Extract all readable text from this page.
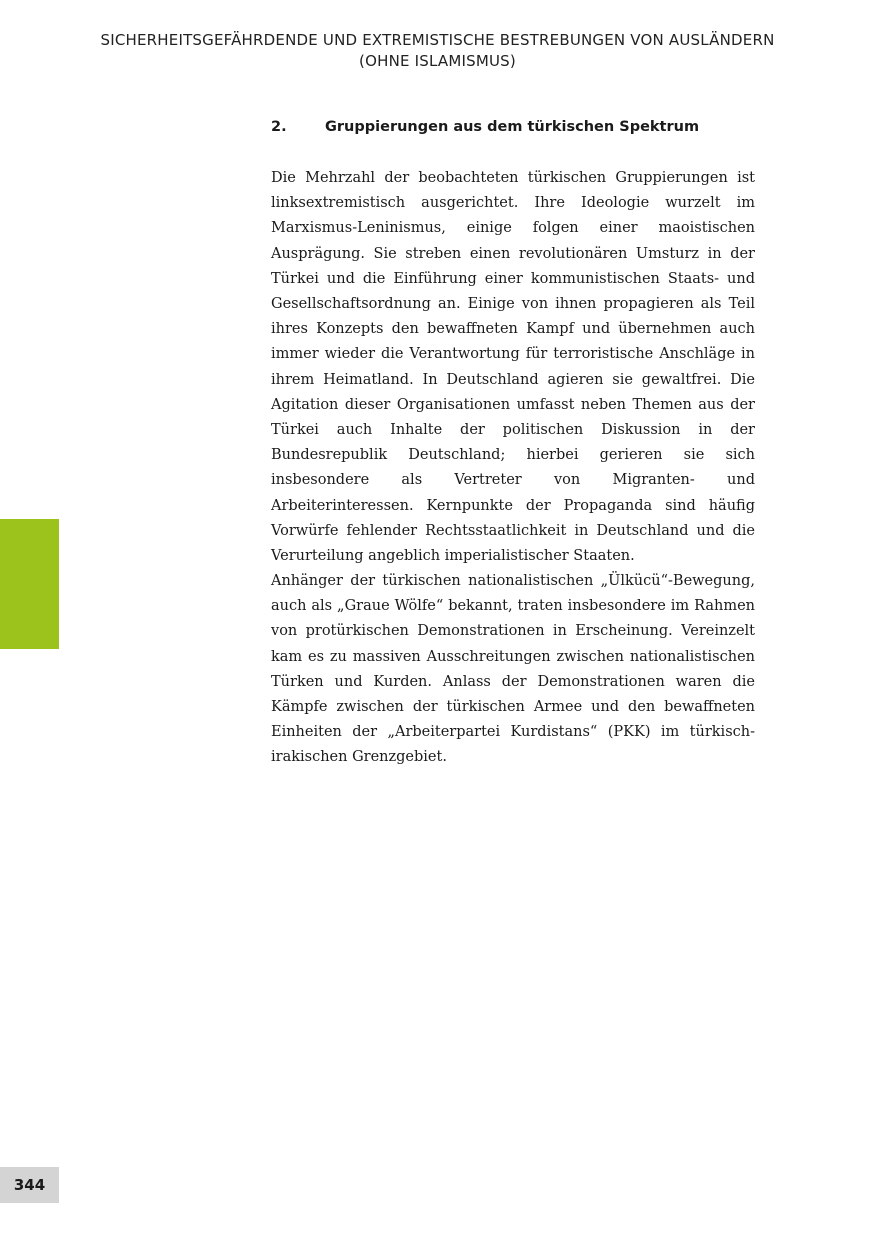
SICHERHEITSGEFÄHRDENDE UND EXTREMISTISCHE BESTREBUNGEN VON AUSLÄNDERN
(OHNE ISLAMISMUS)
2.	Gruppierungen aus dem türkischen Spektrum

Die Mehrzahl der beobachteten türkischen Gruppierungen ist linksextremistisch ausgerichtet. Ihre Ideologie wurzelt im Marxismus-Leninismus, einige folgen einer maoistischen Ausprägung. Sie streben einen revolutionären Umsturz in der Türkei und die Einführung einer kommunistischen Staats- und Gesellschaftsordnung an. Einige von ihnen propagieren als Teil ihres Konzepts den bewaffneten Kampf und übernehmen auch immer wieder die Verantwortung für terroristische Anschläge in ihrem Heimatland. In Deutschland agieren sie gewaltfrei. Die Agitation dieser Organisationen umfasst neben Themen aus der Türkei auch Inhalte der politischen Diskussion in der Bundesrepublik Deutschland; hierbei gerieren sie sich insbesondere als Vertreter von Migranten- und Arbeiterinteressen. Kernpunkte der Propaganda sind häufig Vorwürfe fehlender Rechtsstaatlichkeit in Deutschland und die Verurteilung angeblich imperialistischer Staaten.

Anhänger der türkischen nationalistischen „Ülkücü“-Bewegung, auch als „Graue Wölfe“ bekannt, traten insbesondere im Rahmen von protürkischen Demonstrationen in Erscheinung. Vereinzelt kam es zu massiven Ausschreitungen zwischen nationalistischen Türken und Kurden. Anlass der Demonstrationen waren die Kämpfe zwischen der türkischen Armee und den bewaffneten Einheiten der „Arbeiterpartei Kurdistans“ (PKK) im türkisch-irakischen Grenzgebiet.

344
